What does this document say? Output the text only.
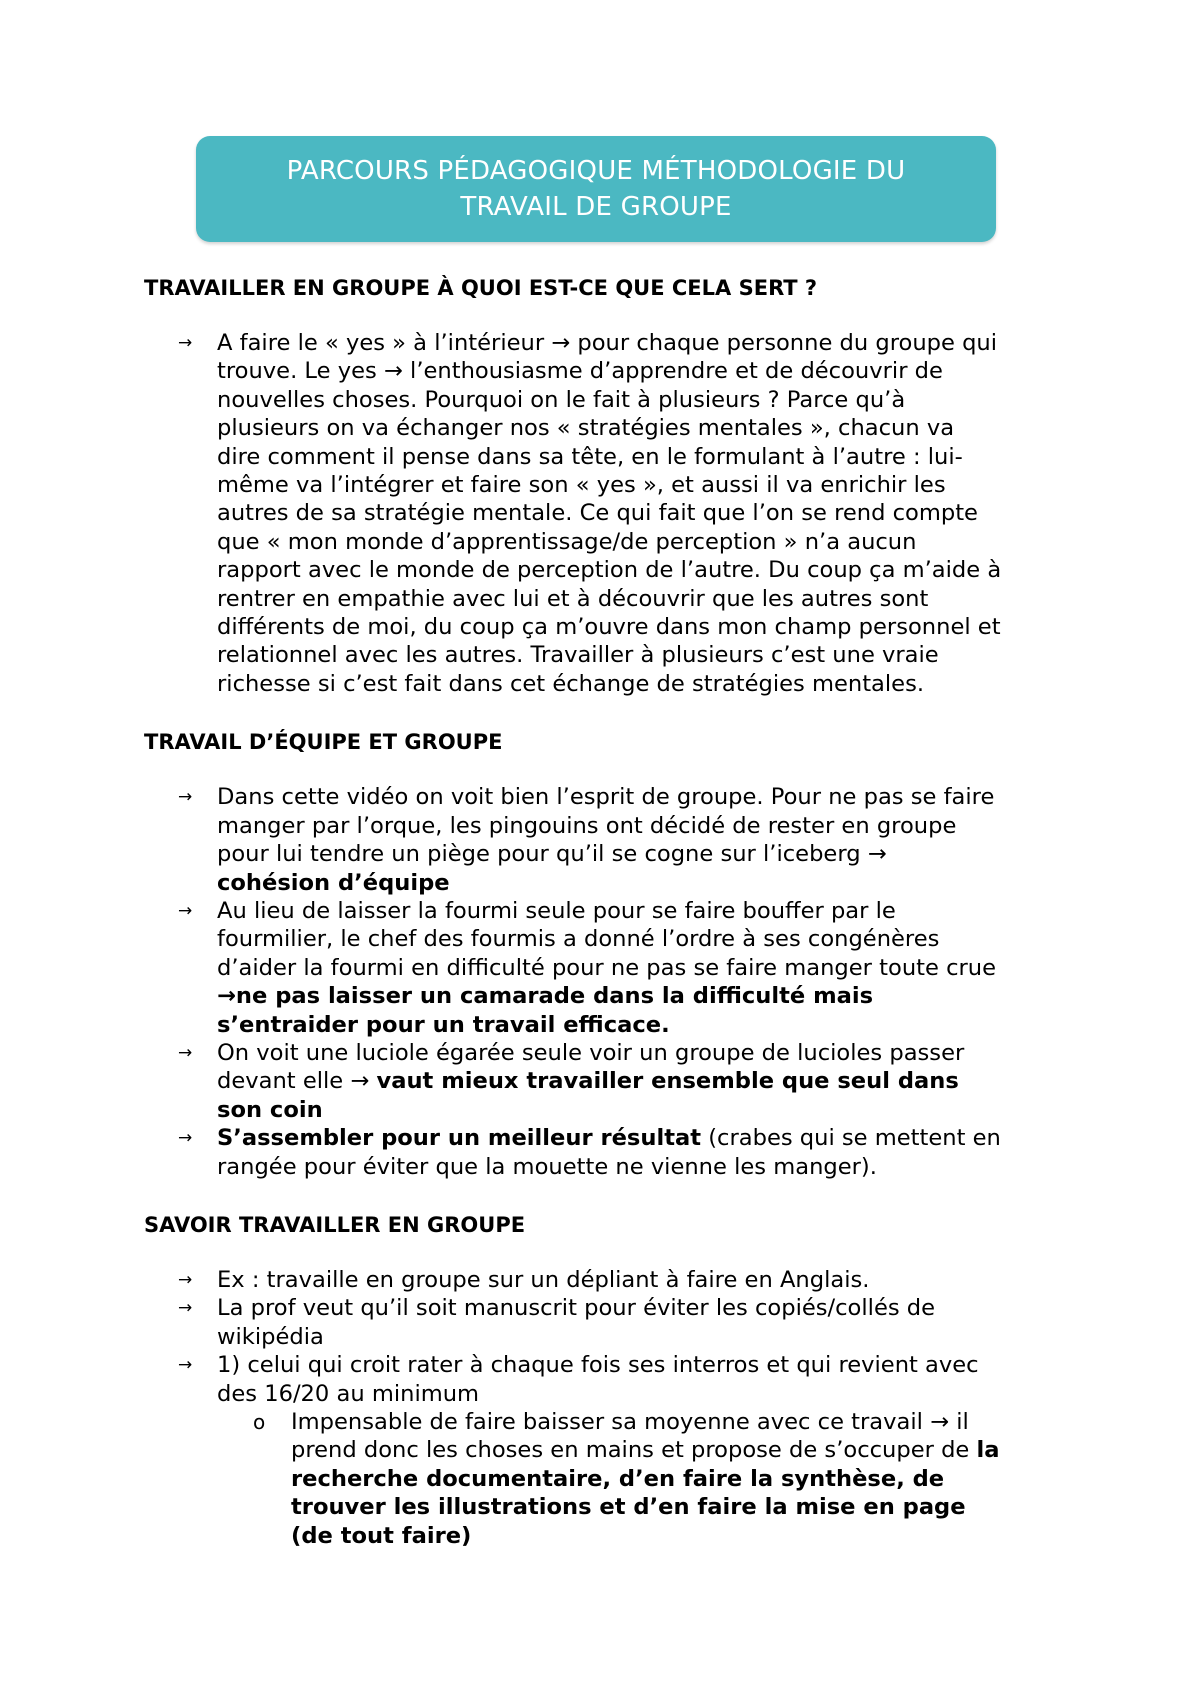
PARCOURS PÉDAGOGIQUE MÉTHODOLOGIE DU
TRAVAIL DE GROUPE
TRAVAILLER EN GROUPE À QUOI EST-CE QUE CELA SERT ?
→ A faire le « yes » à l’intérieur → pour chaque personne du groupe qui
trouve. Le yes → l’enthousiasme d’apprendre et de découvrir de
nouvelles choses. Pourquoi on le fait à plusieurs ? Parce qu’à
plusieurs on va échanger nos « stratégies mentales », chacun va
dire comment il pense dans sa tête, en le formulant à l’autre : lui-
même va l’intégrer et faire son « yes », et aussi il va enrichir les
autres de sa stratégie mentale. Ce qui fait que l’on se rend compte
que « mon monde d’apprentissage/de perception » n’a aucun
rapport avec le monde de perception de l’autre. Du coup ça m’aide à
rentrer en empathie avec lui et à découvrir que les autres sont
différents de moi, du coup ça m’ouvre dans mon champ personnel et
relationnel avec les autres. Travailler à plusieurs c’est une vraie
richesse si c’est fait dans cet échange de stratégies mentales.
TRAVAIL D’ÉQUIPE ET GROUPE
→ Dans cette vidéo on voit bien l’esprit de groupe. Pour ne pas se faire
manger par l’orque, les pingouins ont décidé de rester en groupe
pour lui tendre un piège pour qu’il se cogne sur l’iceberg →
cohésion d’équipe
→ Au lieu de laisser la fourmi seule pour se faire bouffer par le
fourmilier, le chef des fourmis a donné l’ordre à ses congénères
d’aider la fourmi en difficulté pour ne pas se faire manger toute crue
→ne pas laisser un camarade dans la difficulté mais
s’entraider pour un travail efficace.
→ On voit une luciole égarée seule voir un groupe de lucioles passer
devant elle → vaut mieux travailler ensemble que seul dans
son coin
→ S’assembler pour un meilleur résultat (crabes qui se mettent en
rangée pour éviter que la mouette ne vienne les manger).
SAVOIR TRAVAILLER EN GROUPE
→ Ex : travaille en groupe sur un dépliant à faire en Anglais.
→ La prof veut qu’il soit manuscrit pour éviter les copiés/collés de
wikipédia
→ 1) celui qui croit rater à chaque fois ses interros et qui revient avec
des 16/20 au minimum
o Impensable de faire baisser sa moyenne avec ce travail → il
prend donc les choses en mains et propose de s’occuper de la
recherche documentaire, d’en faire la synthèse, de
trouver les illustrations et d’en faire la mise en page
(de tout faire)
